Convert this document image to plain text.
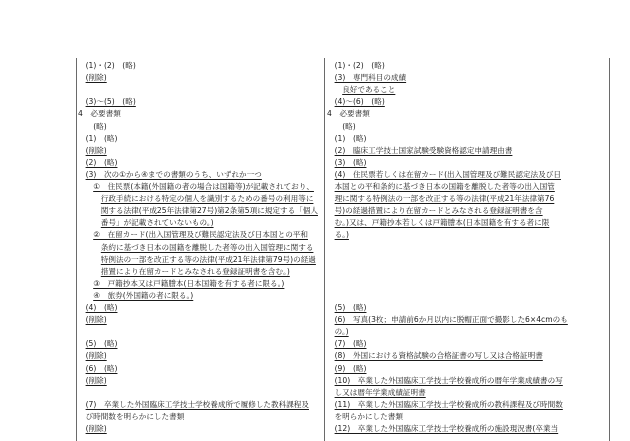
(1)・(2)　(略)
(削除)
(3)～(5)　(略)
4　必要書類
(略)
(1)　(略)
(削除)
(2)　(略)
(3)　次の①から④までの書類のうち、いずれか一つ
①　住民票(本籍(外国籍の者の場合は国籍等)が記載されており、
行政手続における特定の個人を識別するための番号の利用等に
関する法律(平成25年法律第27号)第2条第5項に規定する「個人
番号」が記載されていないもの。)
②　在留カード(出入国管理及び難民認定法及び日本国との平和
条約に基づき日本の国籍を離脱した者等の出入国管理に関する
特例法の一部を改正する等の法律(平成21年法律第79号)の経過
措置により在留カードとみなされる登録証明書を含む。)
③　戸籍抄本又は戸籍謄本(日本国籍を有する者に限る。)
④　旅券(外国籍の者に限る。)
(4)　(略)
(削除)
(5)　(略)
(削除)
(6)　(略)
(削除)
(7)　卒業した外国臨床工学技士学校養成所で履修した教科課程及
び時間数を明らかにした書類
(削除)
(1)・(2)　(略)
(3)　専門科目の成績
良好であること
(4)～(6)　(略)
4　必要書類
(略)
(1)　(略)
(2)　臨床工学技士国家試験受験資格認定申請理由書
(3)　(略)
(4)　住民票若しくは在留カード(出入国管理及び難民認定法及び日
本国との平和条約に基づき日本の国籍を離脱した者等の出入国管
理に関する特例法の一部を改正する等の法律(平成21年法律第76
号)の経過措置により在留カードとみなされる登録証明書を含
む。)又は、戸籍抄本若しくは戸籍謄本(日本国籍を有する者に限
る。)
(5)　(略)
(6)　写真(3枚；申請前6か月以内に脱帽正面で撮影した6×4cmのも
の。)
(7)　(略)
(8)　外国における資格試験の合格証書の写し又は合格証明書
(9)　(略)
(10)　卒業した外国臨床工学技士学校養成所の暦年学業成績書の写
し又は暦年学業成績証明書
(11)　卒業した外国臨床工学技士学校養成所の教科課程及び時間数
を明らかにした書類
(12)　卒業した外国臨床工学技士学校養成所の施設現況書(卒業当
